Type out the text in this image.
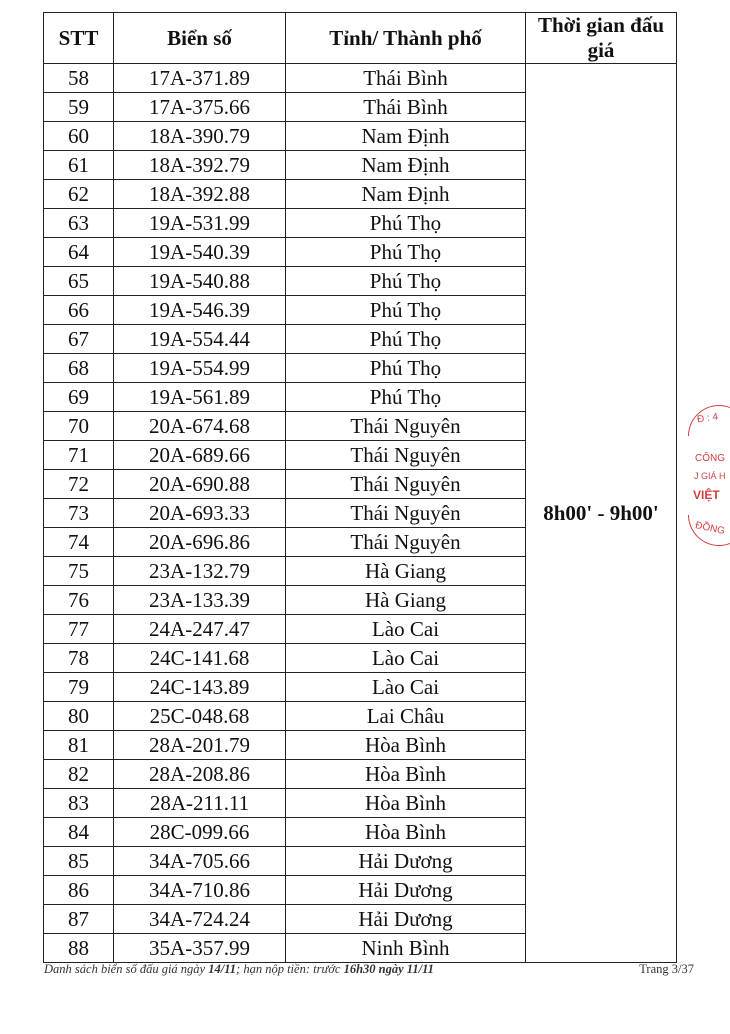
STT	Biển số	Tỉnh/ Thành phố	Thời gian đấu giá
58	17A-371.89	Thái Bình	8h00' - 9h00'
59	17A-375.66	Thái Bình	
60	18A-390.79	Nam Định	
61	18A-392.79	Nam Định	
62	18A-392.88	Nam Định	
63	19A-531.99	Phú Thọ	
64	19A-540.39	Phú Thọ	
65	19A-540.88	Phú Thọ	
66	19A-546.39	Phú Thọ	
67	19A-554.44	Phú Thọ	
68	19A-554.99	Phú Thọ	
69	19A-561.89	Phú Thọ	
70	20A-674.68	Thái Nguyên	
71	20A-689.66	Thái Nguyên	
72	20A-690.88	Thái Nguyên	
73	20A-693.33	Thái Nguyên	
74	20A-696.86	Thái Nguyên	
75	23A-132.79	Hà Giang	
76	23A-133.39	Hà Giang	
77	24A-247.47	Lào Cai	
78	24C-141.68	Lào Cai	
79	24C-143.89	Lào Cai	
80	25C-048.68	Lai Châu	
81	28A-201.79	Hòa Bình	
82	28A-208.86	Hòa Bình	
83	28A-211.11	Hòa Bình	
84	28C-099.66	Hòa Bình	
85	34A-705.66	Hải Dương	
86	34A-710.86	Hải Dương	
87	34A-724.24	Hải Dương	
88	35A-357.99	Ninh Bình	
Danh sách biển số đấu giá ngày 14/11; hạn nộp tiền: trước 16h30 ngày 11/11	Trang 3/37
Đ : 4
CÔNG
J GIÁ H
VIỆT
ĐỒNG
